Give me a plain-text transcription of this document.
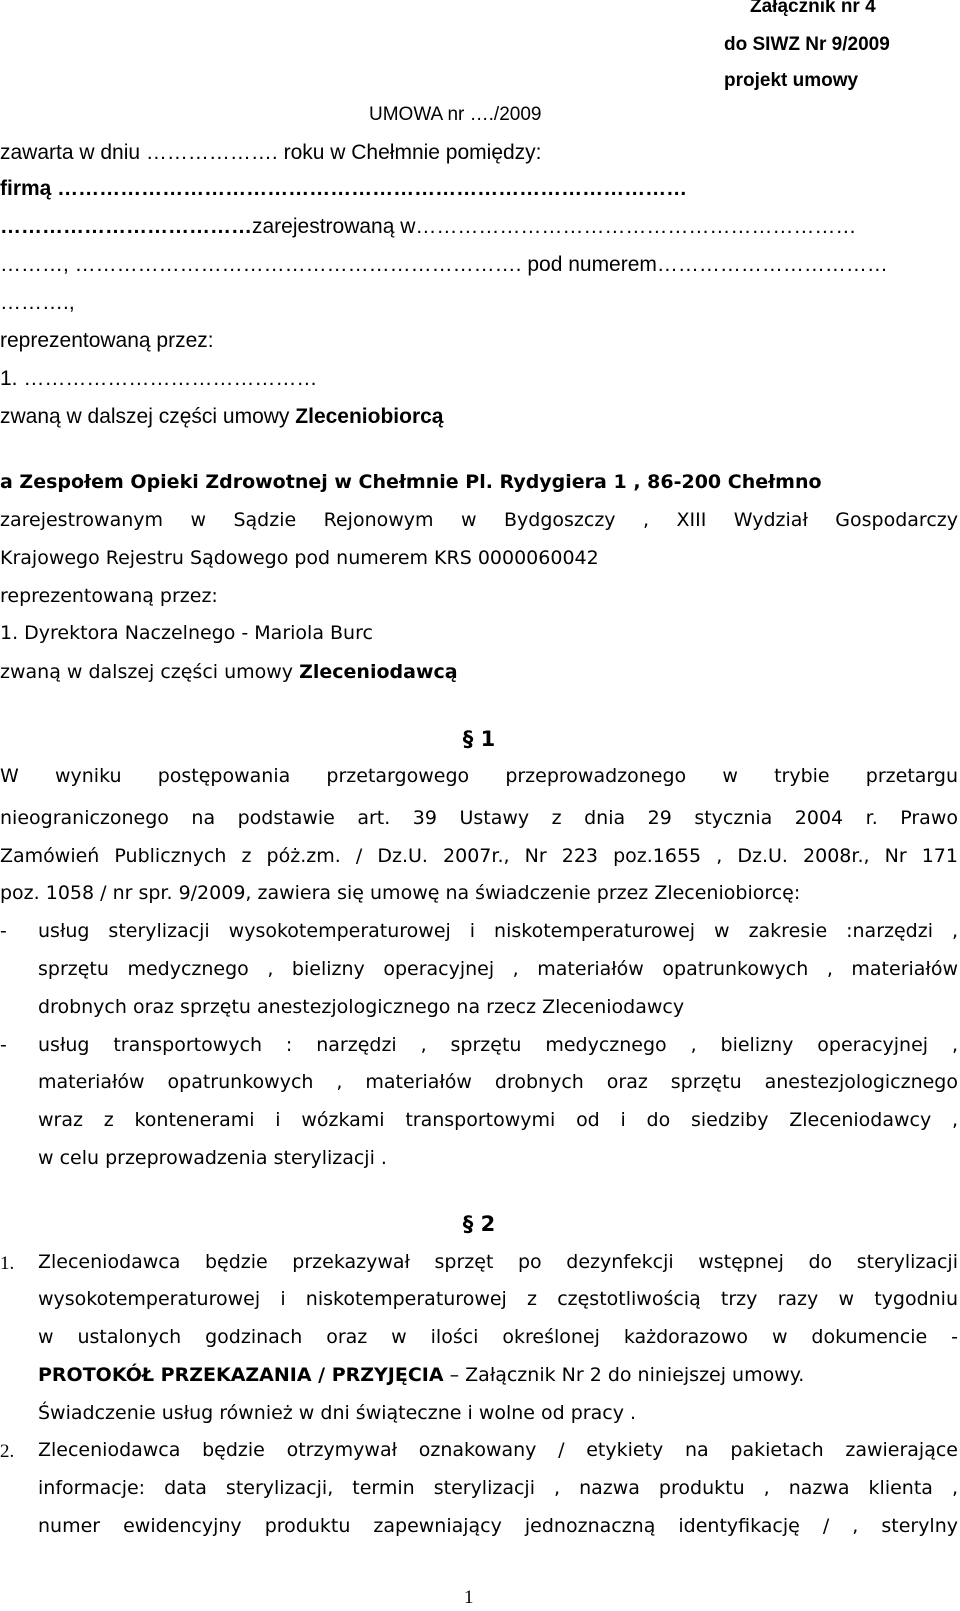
Załącznik nr 4
do SIWZ Nr 9/2009
projekt umowy
UMOWA nr …./2009
zawarta w dniu ………………. roku w Chełmnie pomiędzy:
firmą ………………………………………………………………………………
………………………………zarejestrowaną w………………………………………………………
………, ………………………………………………………. pod numerem……………………………
……….,
reprezentowaną przez:
1. ……………………………………
zwaną w dalszej części umowy Zleceniobiorcą
a Zespołem Opieki Zdrowotnej w Chełmnie Pl. Rydygiera 1 , 86-200 Chełmno
zarejestrowanym w Sądzie Rejonowym w Bydgoszczy , XIII Wydział Gospodarczy
Krajowego Rejestru Sądowego pod numerem KRS 0000060042
reprezentowaną przez:
1. Dyrektora Naczelnego - Mariola Burc
zwaną w dalszej części umowy Zleceniodawcą
§ 1
W wyniku postępowania przetargowego przeprowadzonego w trybie przetargu
nieograniczonego na podstawie art. 39 Ustawy z dnia 29 stycznia 2004 r. Prawo
Zamówień Publicznych z póż.zm. / Dz.U. 2007r., Nr 223 poz.1655 , Dz.U. 2008r., Nr 171
poz. 1058 / nr spr. 9/2009, zawiera się umowę na świadczenie przez Zleceniobiorcę:
- usług sterylizacji wysokotemperaturowej i niskotemperaturowej w zakresie :narzędzi ,
sprzętu medycznego , bielizny operacyjnej , materiałów opatrunkowych , materiałów
drobnych oraz sprzętu anestezjologicznego na rzecz Zleceniodawcy
- usług transportowych : narzędzi , sprzętu medycznego , bielizny operacyjnej ,
materiałów opatrunkowych , materiałów drobnych oraz sprzętu anestezjologicznego
wraz z kontenerami i wózkami transportowymi od i do siedziby Zleceniodawcy ,
w celu przeprowadzenia sterylizacji .
§ 2
1. Zleceniodawca będzie przekazywał sprzęt po dezynfekcji wstępnej do sterylizacji
wysokotemperaturowej i niskotemperaturowej z częstotliwością trzy razy w tygodniu
w ustalonych godzinach oraz w ilości określonej każdorazowo w dokumencie -
PROTOKÓŁ PRZEKAZANIA / PRZYJĘCIA – Załącznik Nr 2 do niniejszej umowy.
Świadczenie usług również w dni świąteczne i wolne od pracy .
2. Zleceniodawca będzie otrzymywał oznakowany / etykiety na pakietach zawierające
informacje: data sterylizacji, termin sterylizacji , nazwa produktu , nazwa klienta ,
numer ewidencyjny produktu zapewniający jednoznaczną identyfikację / , sterylny
1
